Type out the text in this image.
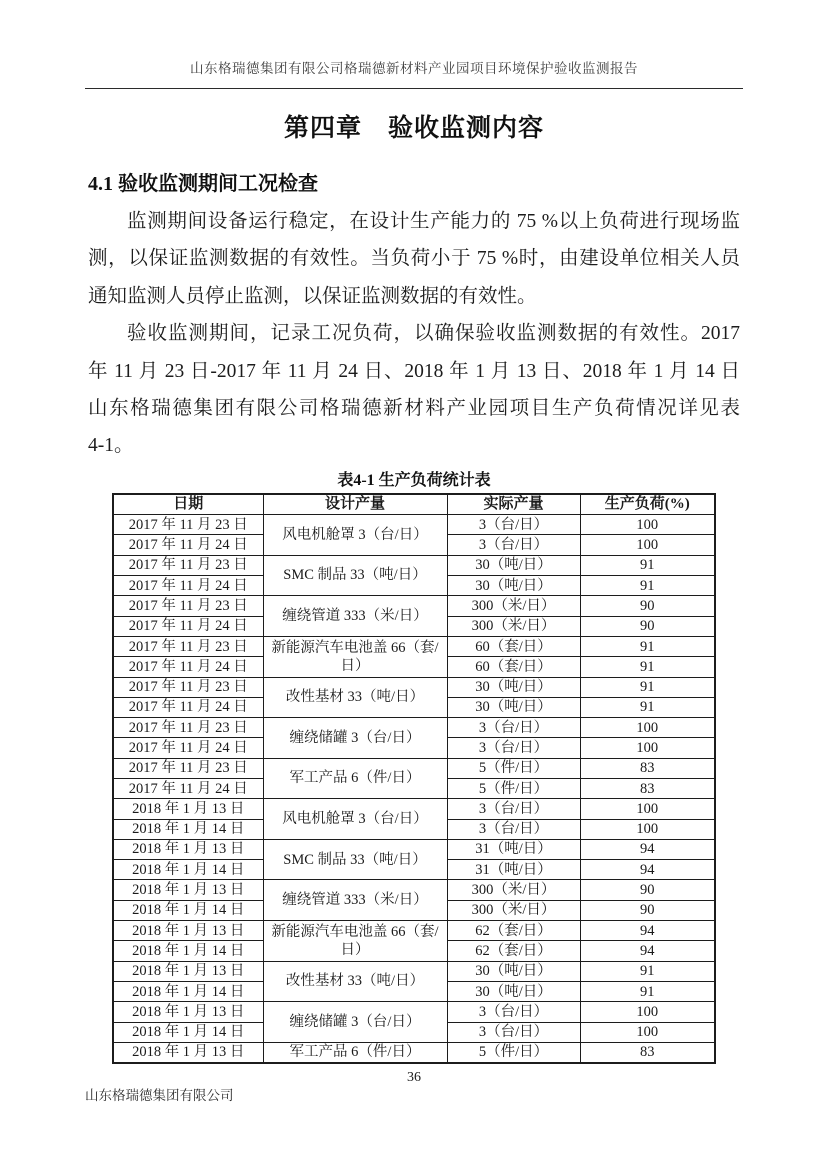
山东格瑞德集团有限公司格瑞德新材料产业园项目环境保护验收监测报告
第四章　验收监测内容
4.1 验收监测期间工况检查
监测期间设备运行稳定，在设计生产能力的 75 %以上负荷进行现场监
测，以保证监测数据的有效性。当负荷小于 75 %时，由建设单位相关人员
通知监测人员停止监测，以保证监测数据的有效性。
验收监测期间，记录工况负荷，以确保验收监测数据的有效性。2017
年 11 月 23 日-2017 年 11 月 24 日、2018 年 1 月 13 日、2018 年 1 月 14 日
山东格瑞德集团有限公司格瑞德新材料产业园项目生产负荷情况详见表
4-1。
表4-1 生产负荷统计表
日期	设计产量	实际产量	生产负荷(%)
2017 年 11 月 23 日	风电机舱罩 3（台/日）	3（台/日）	100
2017 年 11 月 24 日		3（台/日）	100
2017 年 11 月 23 日	SMC 制品 33（吨/日）	30（吨/日）	91
2017 年 11 月 24 日		30（吨/日）	91
2017 年 11 月 23 日	缠绕管道 333（米/日）	300（米/日）	90
2017 年 11 月 24 日		300（米/日）	90
2017 年 11 月 23 日	新能源汽车电池盖 66（套/日）	60（套/日）	91
2017 年 11 月 24 日		60（套/日）	91
2017 年 11 月 23 日	改性基材 33（吨/日）	30（吨/日）	91
2017 年 11 月 24 日		30（吨/日）	91
2017 年 11 月 23 日	缠绕储罐 3（台/日）	3（台/日）	100
2017 年 11 月 24 日		3（台/日）	100
2017 年 11 月 23 日	军工产品 6（件/日）	5（件/日）	83
2017 年 11 月 24 日		5（件/日）	83
2018 年 1 月 13 日	风电机舱罩 3（台/日）	3（台/日）	100
2018 年 1 月 14 日		3（台/日）	100
2018 年 1 月 13 日	SMC 制品 33（吨/日）	31（吨/日）	94
2018 年 1 月 14 日		31（吨/日）	94
2018 年 1 月 13 日	缠绕管道 333（米/日）	300（米/日）	90
2018 年 1 月 14 日		300（米/日）	90
2018 年 1 月 13 日	新能源汽车电池盖 66（套/日）	62（套/日）	94
2018 年 1 月 14 日		62（套/日）	94
2018 年 1 月 13 日	改性基材 33（吨/日）	30（吨/日）	91
2018 年 1 月 14 日		30（吨/日）	91
2018 年 1 月 13 日	缠绕储罐 3（台/日）	3（台/日）	100
2018 年 1 月 14 日		3（台/日）	100
2018 年 1 月 13 日	军工产品 6（件/日）	5（件/日）	83
36
山东格瑞德集团有限公司
